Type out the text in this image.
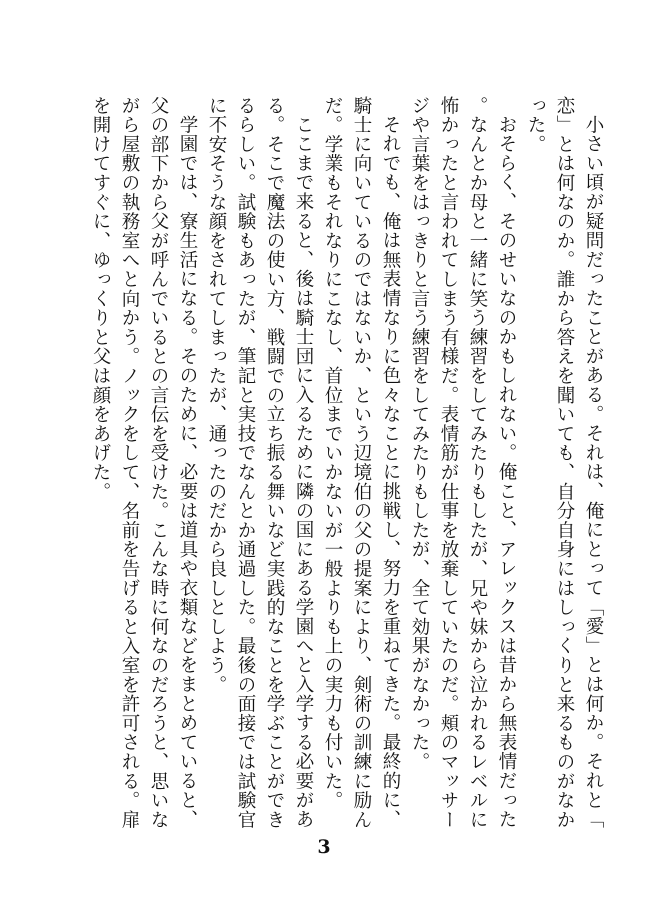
小さい頃が疑問だったことがある。それは、俺にとって「愛」とは何か。それと「恋」とは何なのか。誰から答えを聞いても、自分自身にはしっくりと来るものがなかった。

おそらく、そのせいなのかもしれない。俺こと、アレックスは昔から無表情だった。なんとか母と一緒に笑う練習をしてみたりもしたが、兄や妹から泣かれるレベルに怖かったと言われてしまう有様だ。表情筋が仕事を放棄していたのだ。頬のマッサージや言葉をはっきりと言う練習をしてみたりもしたが、全て効果がなかった。

それでも、俺は無表情なりに色々なことに挑戦し、努力を重ねてきた。最終的に、騎士に向いているのではないか、という辺境伯の父の提案により、剣術の訓練に励んだ。学業もそれなりにこなし、首位までいかないが一般よりも上の実力も付いた。

ここまで来ると、後は騎士団に入るために隣の国にある学園へと入学する必要がある。そこで魔法の使い方、戦闘での立ち振る舞いなど実践的なことを学ぶことができるらしい。試験もあったが、筆記と実技でなんとか通過した。最後の面接では試験官に不安そうな顔をされてしまったが、通ったのだから良しとしよう。

学園では、寮生活になる。そのために、必要は道具や衣類などをまとめていると、父の部下から父が呼んでいるとの言伝を受けた。こんな時に何なのだろうと、思いながら屋敷の執務室へと向かう。ノックをして、名前を告げると入室を許可される。扉を開けてすぐに、ゆっくりと父は顔をあげた。

3
